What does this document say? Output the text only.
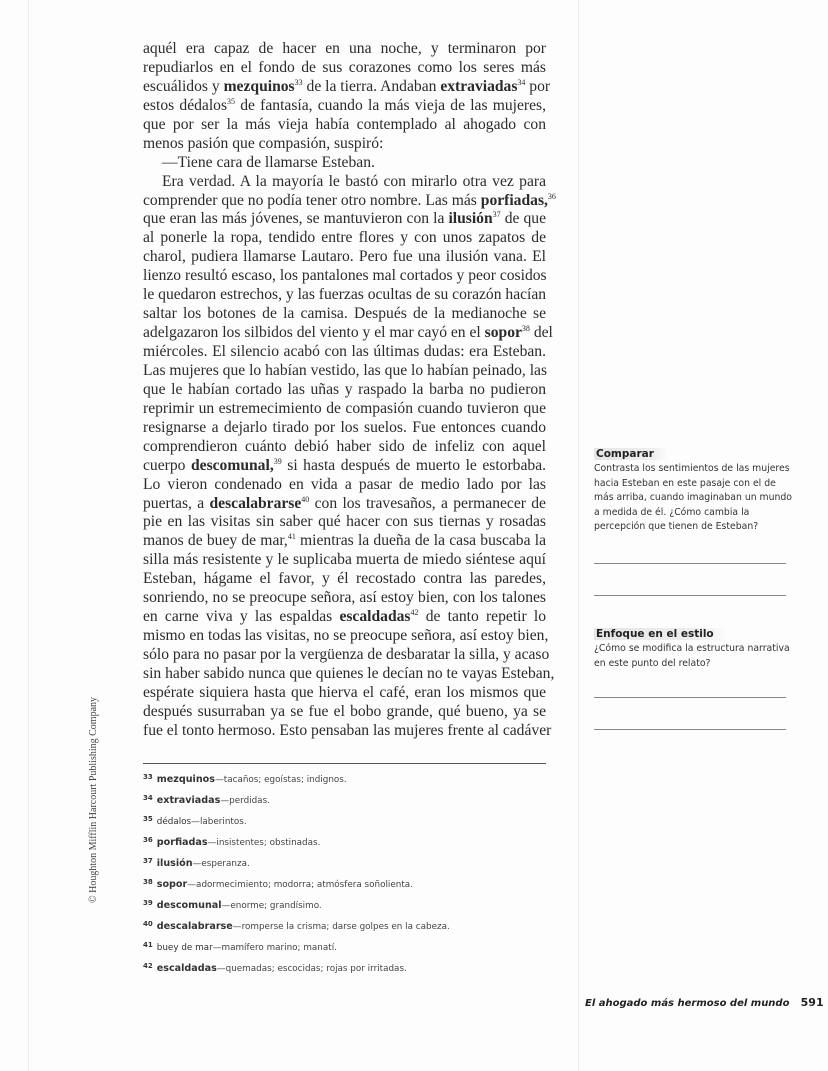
© Houghton Mifflin Harcourt Publishing Company
aquél era capaz de hacer en una noche, y terminaron por
repudiarlos en el fondo de sus corazones como los seres más
escuálidos y mezquinos$^{33}$ de la tierra. Andaban extraviadas$^{34}$ por
estos dédalos$^{35}$ de fantasía, cuando la más vieja de las mujeres,
que por ser la más vieja había contemplado al ahogado con
menos pasión que compasión, suspiró:
—Tiene cara de llamarse Esteban.
Era verdad. A la mayoría le bastó con mirarlo otra vez para
comprender que no podía tener otro nombre. Las más porfiadas,$^{36}$
que eran las más jóvenes, se mantuvieron con la ilusión$^{37}$ de que
al ponerle la ropa, tendido entre flores y con unos zapatos de
charol, pudiera llamarse Lautaro. Pero fue una ilusión vana. El
lienzo resultó escaso, los pantalones mal cortados y peor cosidos
le quedaron estrechos, y las fuerzas ocultas de su corazón hacían
saltar los botones de la camisa. Después de la medianoche se
adelgazaron los silbidos del viento y el mar cayó en el sopor$^{38}$ del
miércoles. El silencio acabó con las últimas dudas: era Esteban.
Las mujeres que lo habían vestido, las que lo habían peinado, las
que le habían cortado las uñas y raspado la barba no pudieron
reprimir un estremecimiento de compasión cuando tuvieron que
resignarse a dejarlo tirado por los suelos. Fue entonces cuando
comprendieron cuánto debió haber sido de infeliz con aquel
cuerpo descomunal,$^{39}$ si hasta después de muerto le estorbaba.
Lo vieron condenado en vida a pasar de medio lado por las
puertas, a descalabrarse$^{40}$ con los travesaños, a permanecer de
pie en las visitas sin saber qué hacer con sus tiernas y rosadas
manos de buey de mar,$^{41}$ mientras la dueña de la casa buscaba la
silla más resistente y le suplicaba muerta de miedo siéntese aquí
Esteban, hágame el favor, y él recostado contra las paredes,
sonriendo, no se preocupe señora, así estoy bien, con los talones
en carne viva y las espaldas escaldadas$^{42}$ de tanto repetir lo
mismo en todas las visitas, no se preocupe señora, así estoy bien,
sólo para no pasar por la vergüenza de desbaratar la silla, y acaso
sin haber sabido nunca que quienes le decían no te vayas Esteban,
espérate siquiera hasta que hierva el café, eran los mismos que
después susurraban ya se fue el bobo grande, qué bueno, ya se
fue el tonto hermoso. Esto pensaban las mujeres frente al cadáver
$^{33}$ mezquinos—tacaños; egoístas; indignos.
$^{34}$ extraviadas—perdidas.
$^{35}$ dédalos—laberintos.
$^{36}$ porfiadas—insistentes; obstinadas.
$^{37}$ ilusión—esperanza.
$^{38}$ sopor—adormecimiento; modorra; atmósfera soñolienta.
$^{39}$ descomunal—enorme; grandísimo.
$^{40}$ descalabrarse—romperse la crisma; darse golpes en la cabeza.
$^{41}$ buey de mar—mamífero marino; manatí.
$^{42}$ escaldadas—quemadas; escocidas; rojas por irritadas.
Comparar

Contrasta los sentimientos de las mujeres hacia Esteban en este pasaje con el de más arriba, cuando imaginaban un mundo a medida de él. ¿Cómo cambia la percepción que tienen de Esteban?

Enfoque en el estilo

¿Cómo se modifica la estructura narrativa en este punto del relato?

El ahogado más hermoso del mundo 591
